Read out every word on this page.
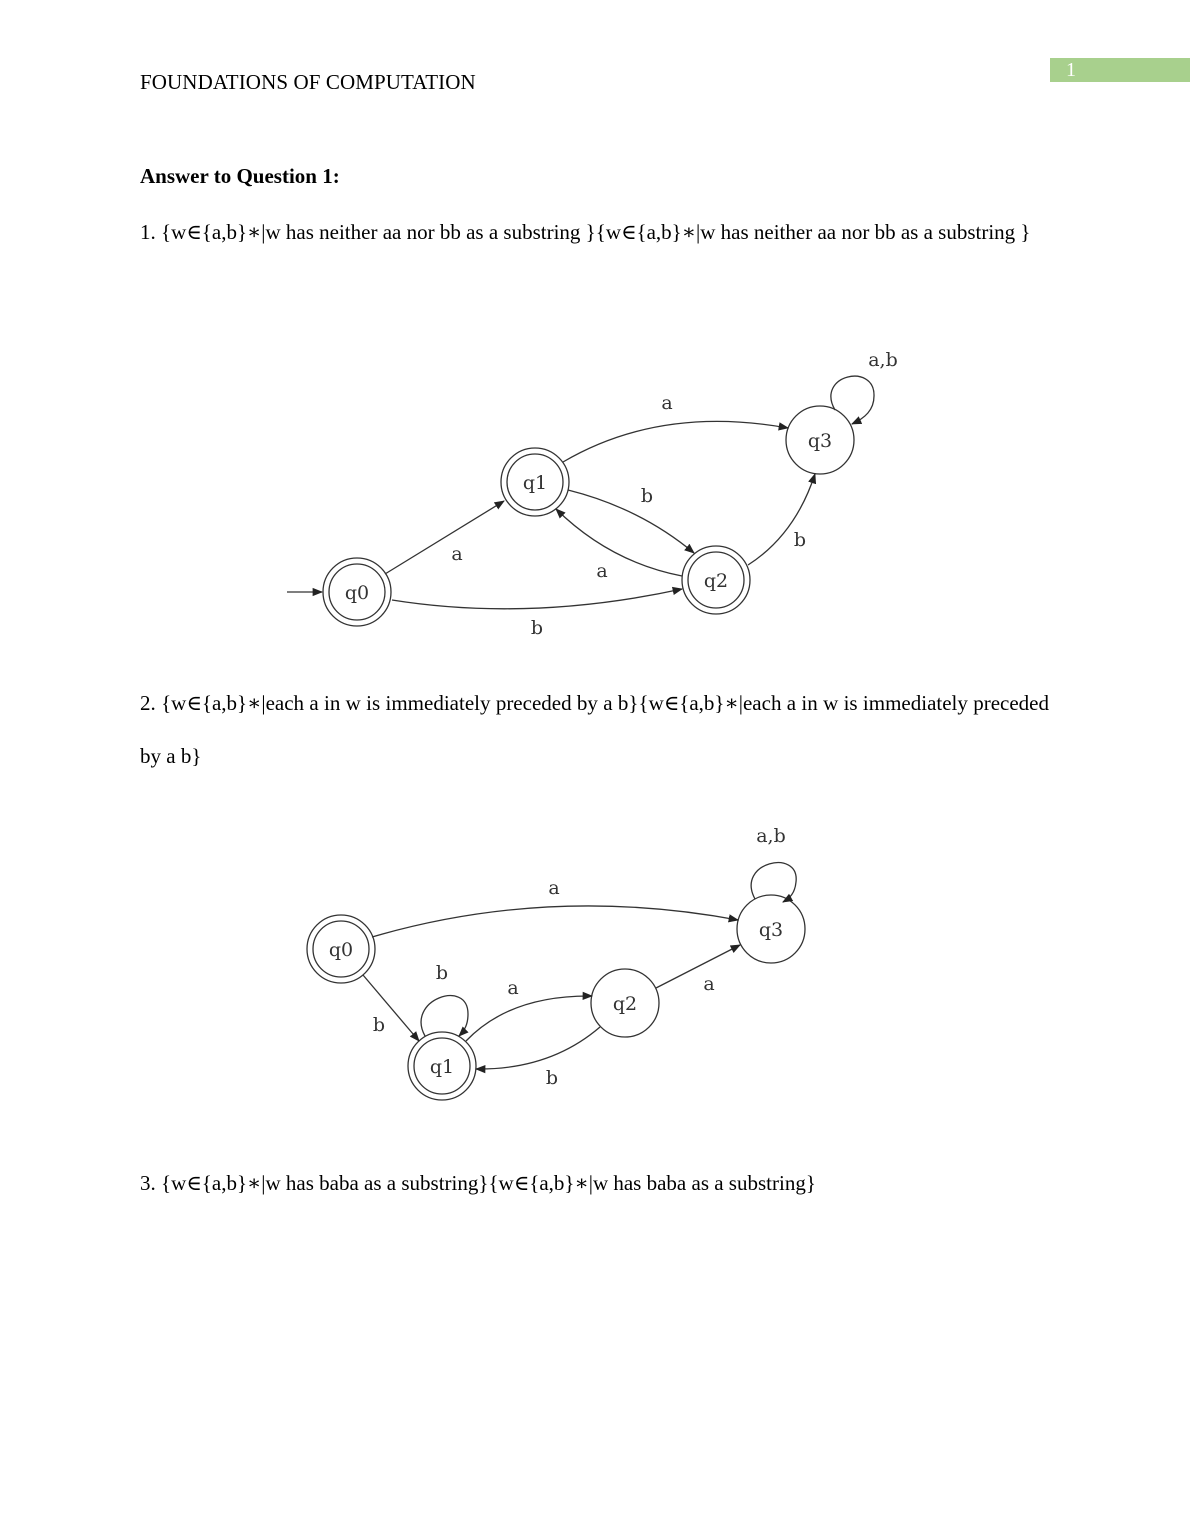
1
FOUNDATIONS OF COMPUTATION
Answer to Question 1:
1. {w∈{a,b}∗|w has neither aa nor bb as a substring }{w∈{a,b}∗|w has neither aa nor bb as a substring }
q0
q1
q2
q3
a
b
b
a
a
b
a,b
q0
q1
q2
q3
a
b
b
a
b
a
a,b
2. {w∈{a,b}∗|each a in w is immediately preceded by a b}{w∈{a,b}∗|each a in w is immediately preceded by a b}
3. {w∈{a,b}∗|w has baba as a substring}{w∈{a,b}∗|w has baba as a substring}
